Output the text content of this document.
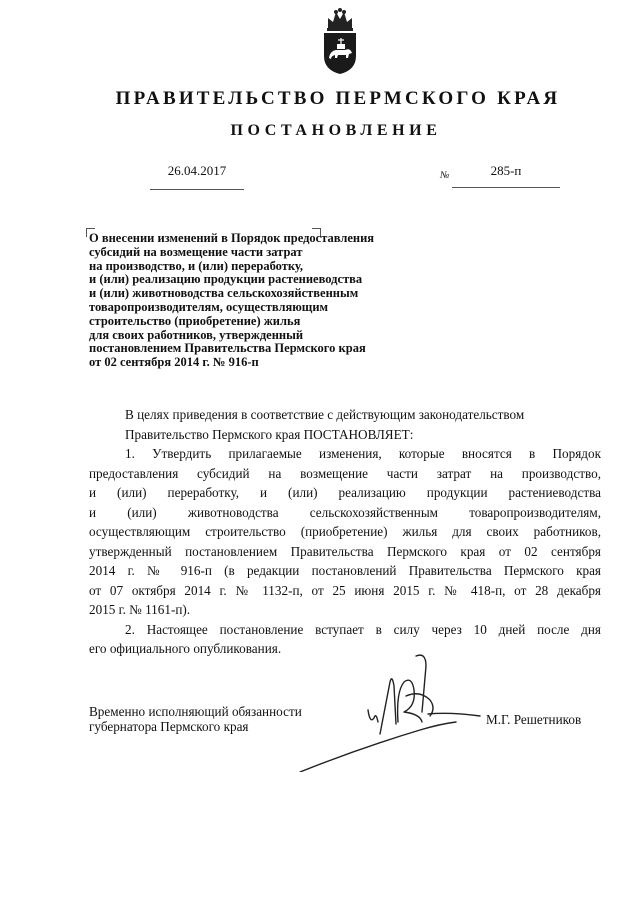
ПРАВИТЕЛЬСТВО ПЕРМСКОГО КРАЯ
ПОСТАНОВЛЕНИЕ
26.04.2017	№	285-п

О внесении изменений в Порядок предоставления
субсидий на возмещение части затрат
на производство, и (или) переработку,
и (или) реализацию продукции растениеводства
и (или) животноводства сельскохозяйственным
товаропроизводителям, осуществляющим
строительство (приобретение) жилья
для своих работников, утвержденный
постановлением Правительства Пермского края
от 02 сентября 2014 г. № 916-п

В целях приведения в соответствие с действующим законодательством
Правительство Пермского края ПОСТАНОВЛЯЕТ:
1. Утвердить прилагаемые изменения, которые вносятся в Порядок
предоставления субсидий на возмещение части затрат на производство,
и (или) переработку, и (или) реализацию продукции растениеводства
и (или) животноводства сельскохозяйственным товаропроизводителям,
осуществляющим строительство (приобретение) жилья для своих работников,
утвержденный постановлением Правительства Пермского края от 02 сентября
2014 г. № 916-п (в редакции постановлений Правительства Пермского края
от 07 октября 2014 г. № 1132-п, от 25 июня 2015 г. № 418-п, от 28 декабря
2015 г. № 1161-п).
2. Настоящее постановление вступает в силу через 10 дней после дня
его официального опубликования.
Временно исполняющий обязанности
губернатора Пермского края	М.Г. Решетников
